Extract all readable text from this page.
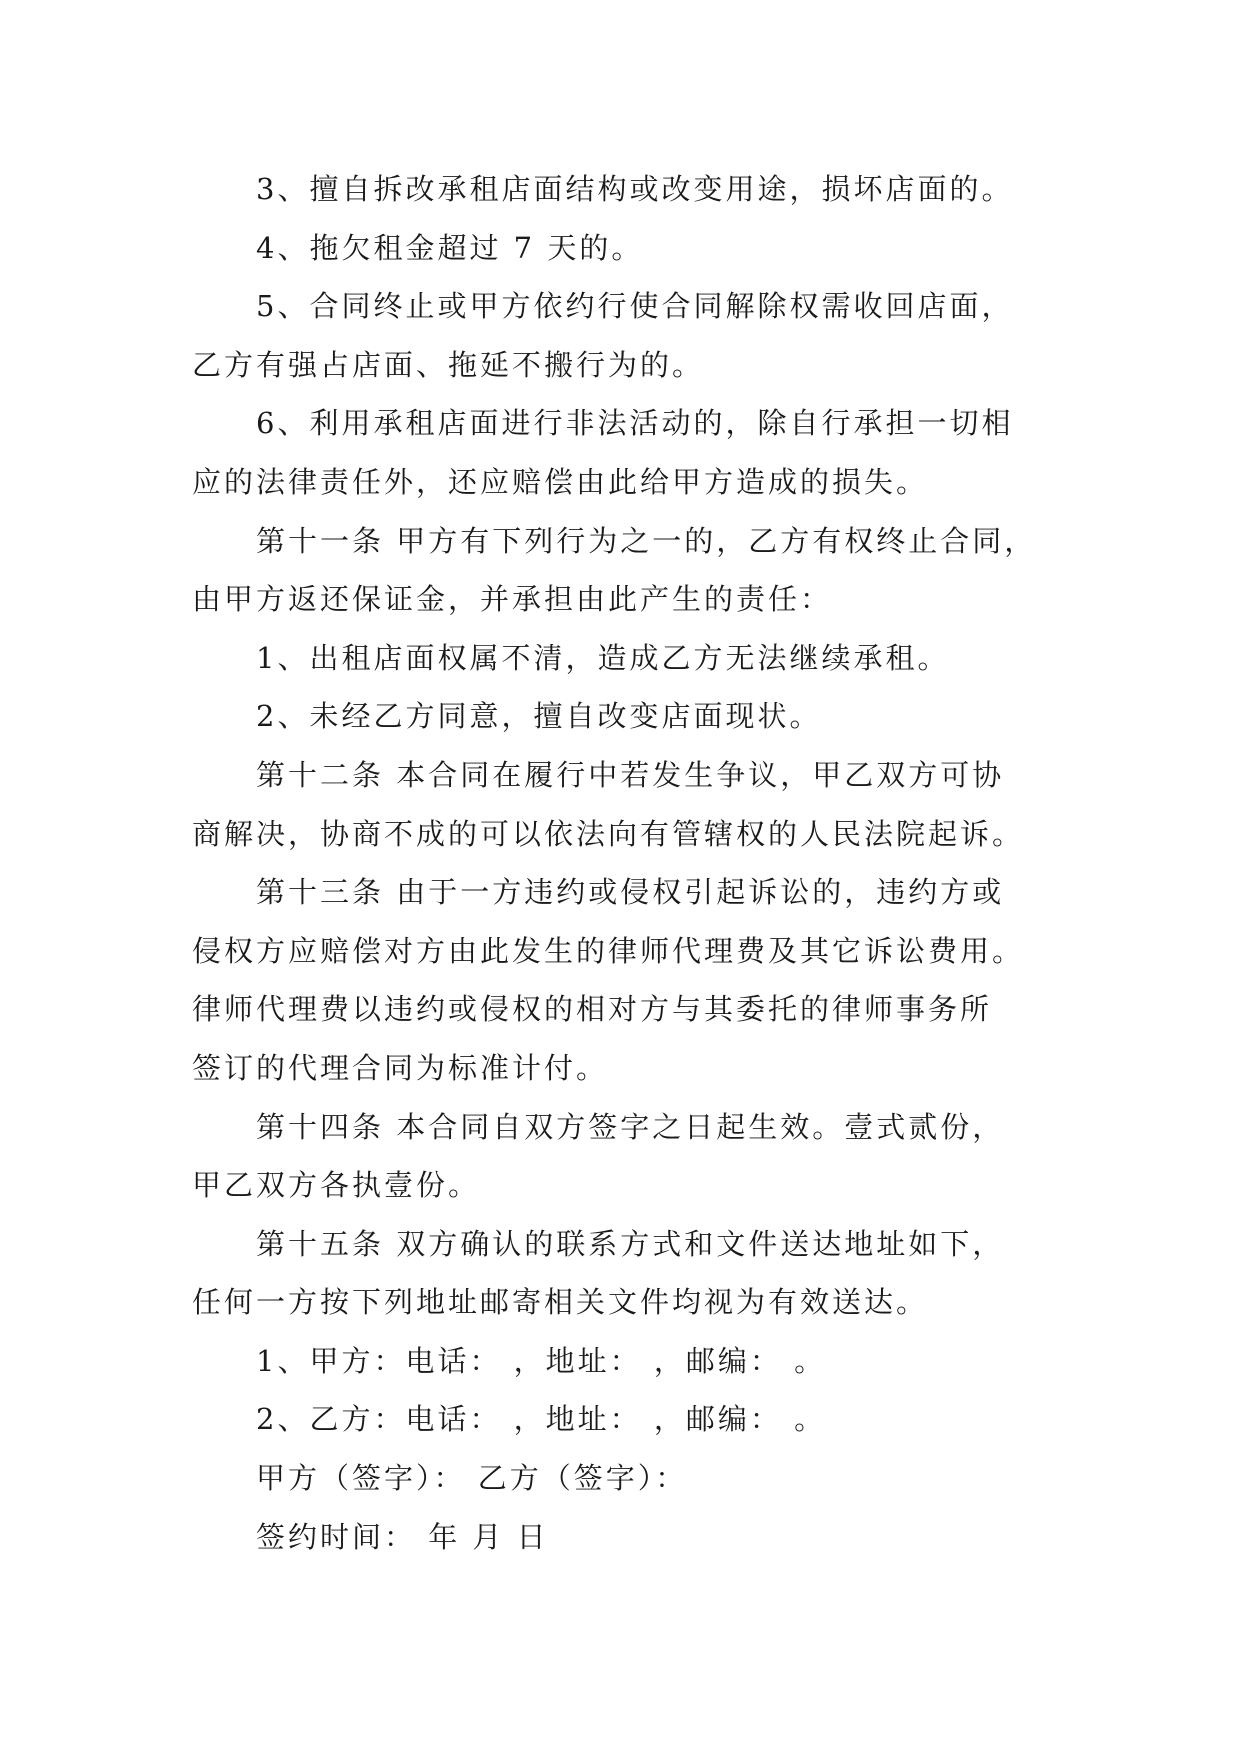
3、擅自拆改承租店面结构或改变用途，损坏店面的。
4、拖欠租金超过 7 天的。
5、合同终止或甲方依约行使合同解除权需收回店面，
乙方有强占店面、拖延不搬行为的。
6、利用承租店面进行非法活动的，除自行承担一切相
应的法律责任外，还应赔偿由此给甲方造成的损失。
第十一条 甲方有下列行为之一的，乙方有权终止合同，
由甲方返还保证金，并承担由此产生的责任：
1、出租店面权属不清，造成乙方无法继续承租。
2、未经乙方同意，擅自改变店面现状。
第十二条 本合同在履行中若发生争议，甲乙双方可协
商解决，协商不成的可以依法向有管辖权的人民法院起诉。
第十三条 由于一方违约或侵权引起诉讼的，违约方或
侵权方应赔偿对方由此发生的律师代理费及其它诉讼费用。
律师代理费以违约或侵权的相对方与其委托的律师事务所
签订的代理合同为标准计付。
第十四条 本合同自双方签字之日起生效。壹式贰份，
甲乙双方各执壹份。
第十五条 双方确认的联系方式和文件送达地址如下，
任何一方按下列地址邮寄相关文件均视为有效送达。
1、甲方：电话： ，地址： ，邮编： 。
2、乙方：电话： ，地址： ，邮编： 。
甲方（签字）： 乙方（签字）：
签约时间： 年 月 日
